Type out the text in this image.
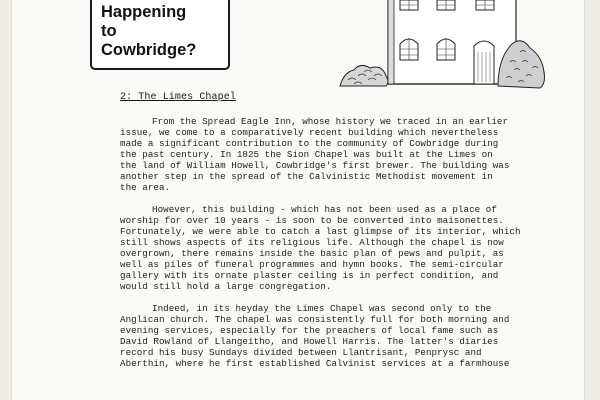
Happening
to
Cowbridge?
2: The Limes Chapel
From the Spread Eagle Inn, whose history we traced in an earlier
issue, we come to a comparatively recent building which nevertheless
made a significant contribution to the community of Cowbridge during
the past century. In 1825 the Sion Chapel was built at the Limes on
the land of William Howell, Cowbridge's first brewer. The building was
another step in the spread of the Calvinistic Methodist movement in
the area.
However, this building - which has not been used as a place of
worship for over 10 years - is soon to be converted into maisonettes.
Fortunately, we were able to catch a last glimpse of its interior, which
still shows aspects of its religious life. Although the chapel is now
overgrown, there remains inside the basic plan of pews and pulpit, as
well as piles of funeral programmes and hymn books. The semi-circular
gallery with its ornate plaster ceiling is in perfect condition, and
would still hold a large congregation.
Indeed, in its heyday the Limes Chapel was second only to the
Anglican church. The chapel was consistently full for both morning and
evening services, especially for the preachers of local fame such as
David Rowland of Llangeitho, and Howell Harris. The latter's diaries
record his busy Sundays divided between Llantrisant, Penprysc and
Aberthin, where he first established Calvinist services at a farmhouse
